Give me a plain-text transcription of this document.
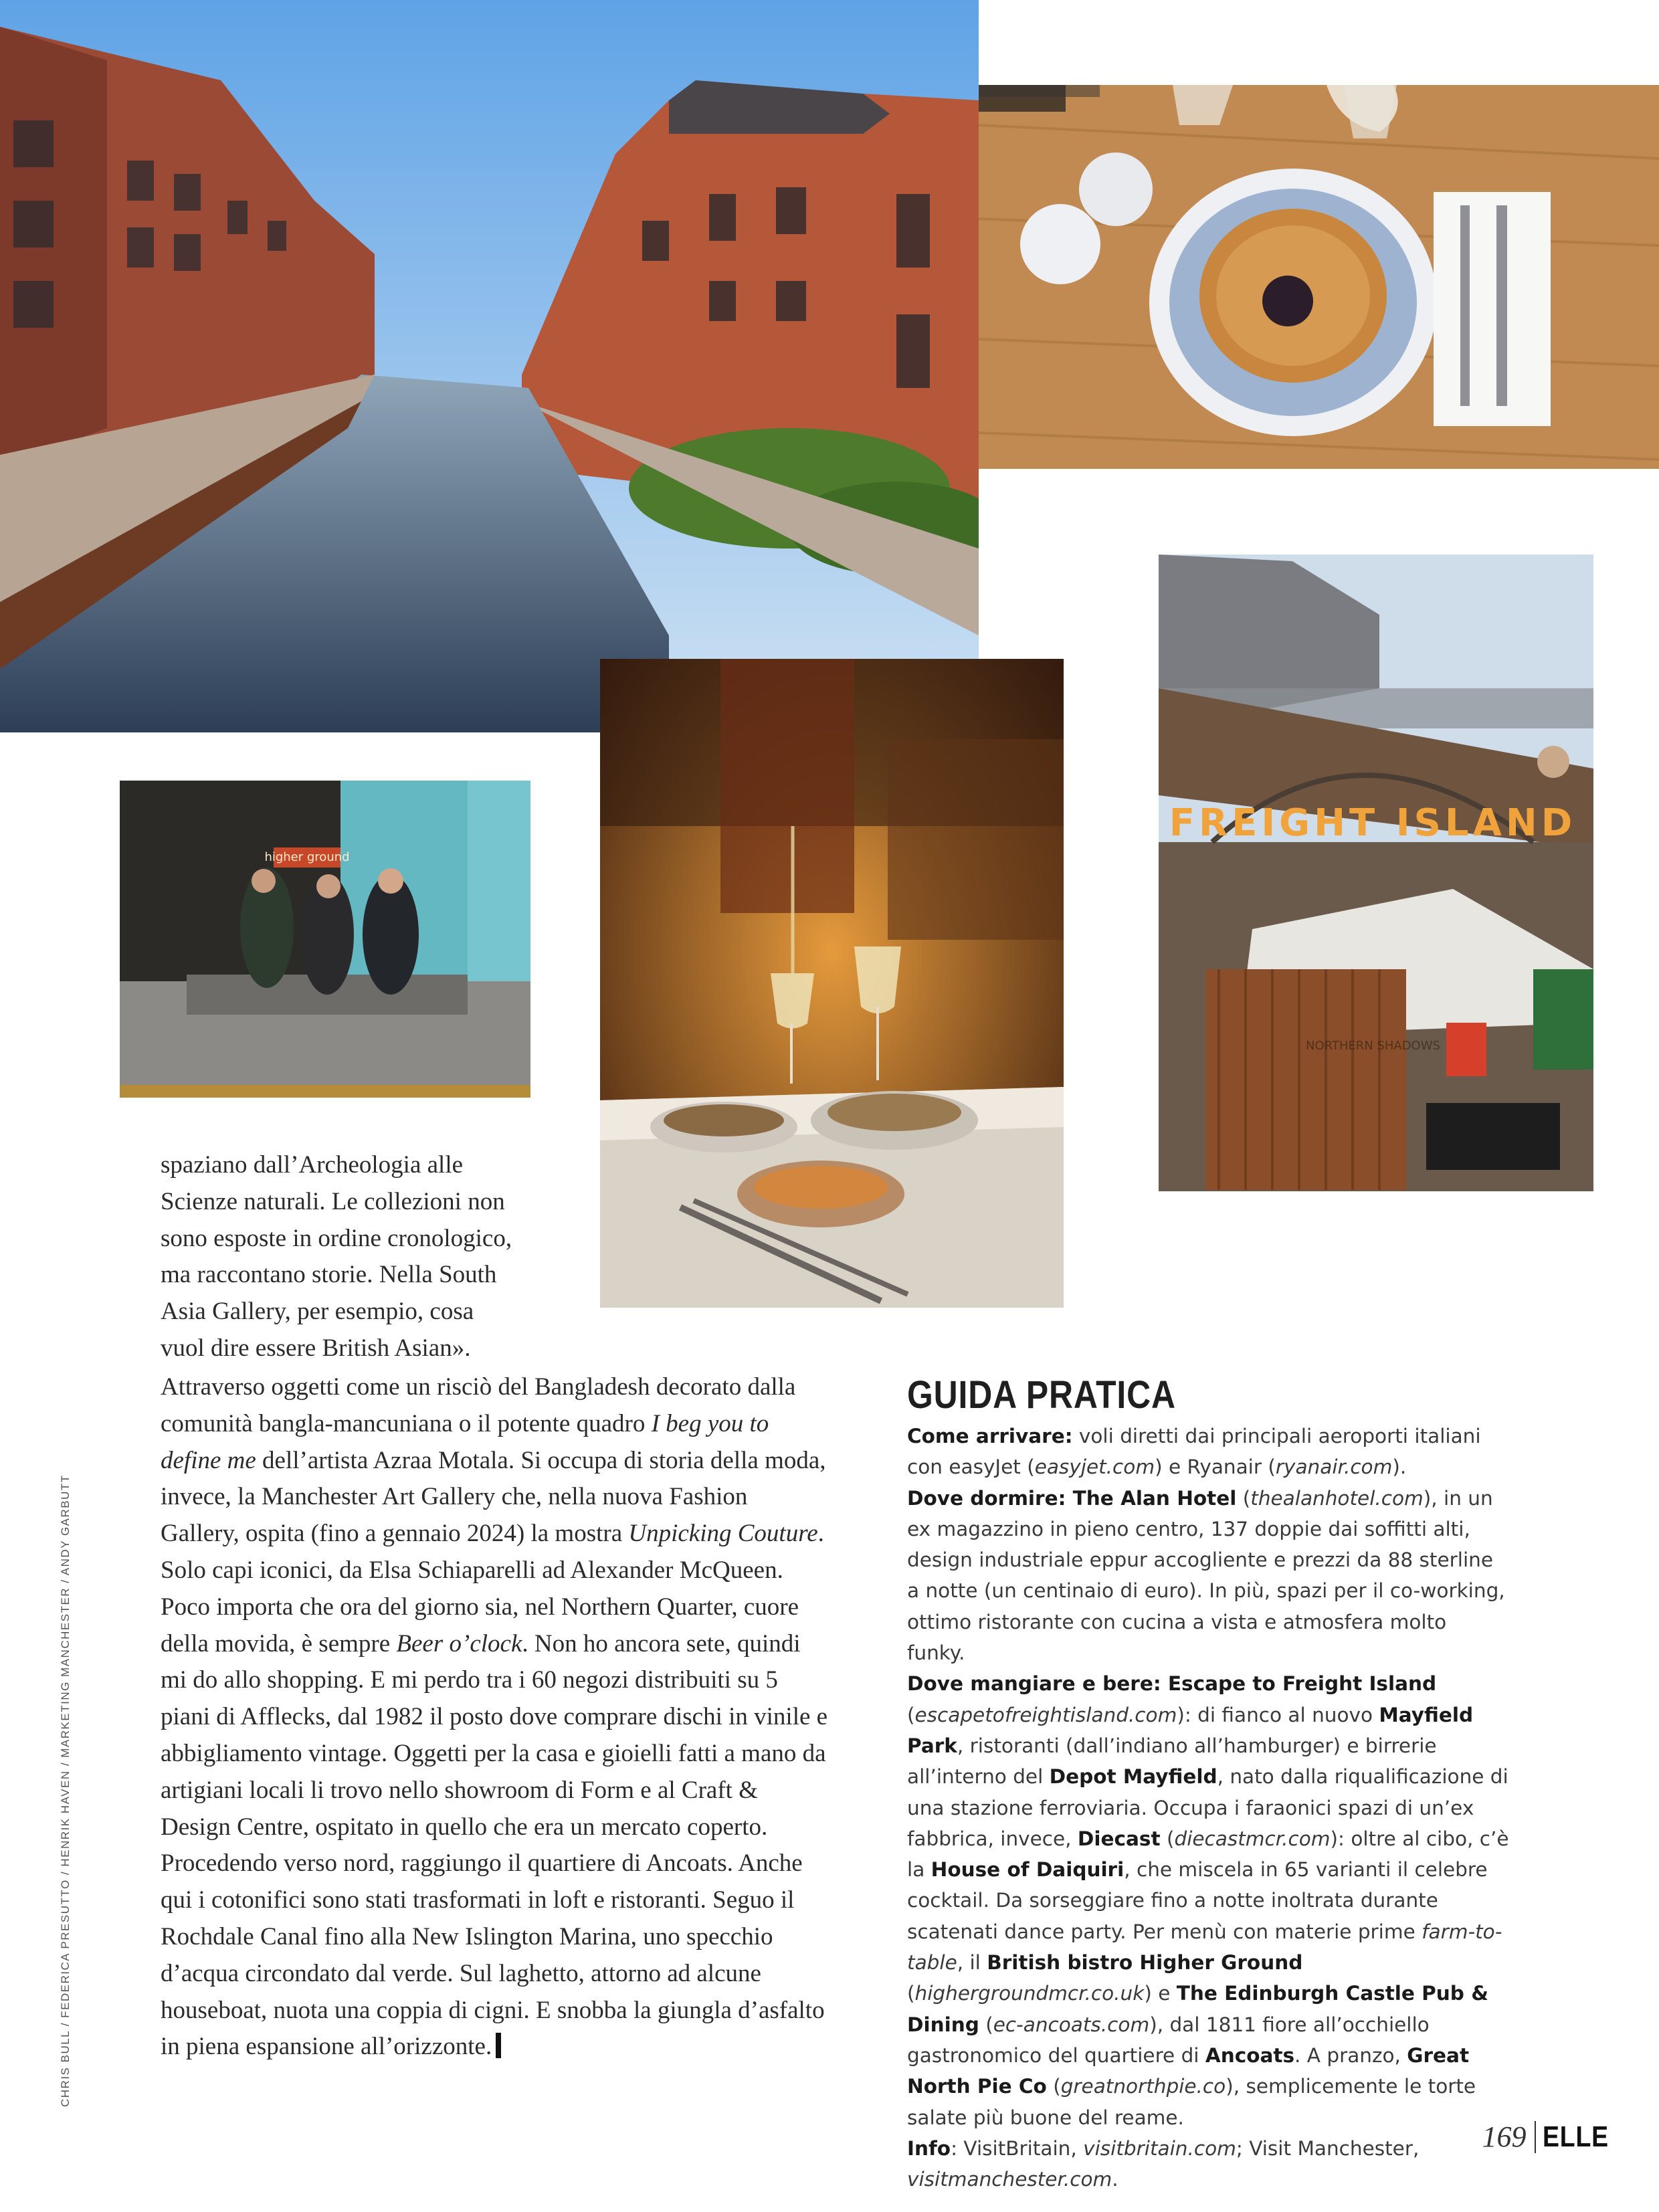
higher ground
FREIGHT ISLAND
NORTHERN SHADOWS
CHRIS BULL / FEDERICA PRESUTTO / HENRIK HAVEN / MARKETING MANCHESTER / ANDY GARBUTT
spaziano dall’Archeologia alle
Scienze naturali. Le collezioni non
sono esposte in ordine cronologico,
ma raccontano storie. Nella South
Asia Gallery, per esempio, cosa
vuol dire essere British Asian».

Attraverso oggetti come un risciò del Bangladesh decorato dalla comunità bangla-mancuniana o il potente quadro I beg you to define me dell’artista Azraa Motala. Si occupa di storia della moda, invece, la Manchester Art Gallery che, nella nuova Fashion Gallery, ospita (fino a gennaio 2024) la mostra Unpicking Couture. Solo capi iconici, da Elsa Schiaparelli ad Alexander McQueen. Poco importa che ora del giorno sia, nel Northern Quarter, cuore della movida, è sempre Beer o’clock. Non ho ancora sete, quindi mi do allo shopping. E mi perdo tra i 60 negozi distribuiti su 5 piani di Afflecks, dal 1982 il posto dove comprare dischi in vinile e abbigliamento vintage. Oggetti per la casa e gioielli fatti a mano da artigiani locali li trovo nello showroom di Form e al Craft & Design Centre, ospitato in quello che era un mercato coperto. Procedendo verso nord, raggiungo il quartiere di Ancoats. Anche qui i cotonifici sono stati trasformati in loft e ristoranti. Seguo il Rochdale Canal fino alla New Islington Marina, uno specchio d’acqua circondato dal verde. Sul laghetto, attorno ad alcune houseboat, nuota una coppia di cigni. E snobba la giungla d’asfalto in piena espansione all’orizzonte.

GUIDA PRATICA

Come arrivare: voli diretti dai principali aeroporti italiani con easyJet (easyjet.com) e Ryanair (ryanair.com).

Dove dormire: The Alan Hotel (thealanhotel.com), in un ex magazzino in pieno centro, 137 doppie dai soffitti alti, design industriale eppur accogliente e prezzi da 88 sterline a notte (un centinaio di euro). In più, spazi per il co-working, ottimo ristorante con cucina a vista e atmosfera molto funky.

Dove mangiare e bere: Escape to Freight Island
(escapetofreightisland.com): di fianco al nuovo Mayfield Park, ristoranti (dall’indiano all’hamburger) e birrerie all’interno del Depot Mayfield, nato dalla riqualificazione di una stazione ferroviaria. Occupa i faraonici spazi di un’ex fabbrica, invece, Diecast (diecastmcr.com): oltre al cibo, c’è la House of Daiquiri, che miscela in 65 varianti il celebre cocktail. Da sorseggiare fino a notte inoltrata durante scatenati dance party. Per menù con materie prime farm-to-table, il British bistro Higher Ground (highergroundmcr.co.uk) e The Edinburgh Castle Pub & Dining (ec-ancoats.com), dal 1811 fiore all’occhiello gastronomico del quartiere di Ancoats. A pranzo, Great North Pie Co (greatnorthpie.co), semplicemente le torte salate più buone del reame.

Info: VisitBritain, visitbritain.com; Visit Manchester, visitmanchester.com.

169 ELLE
